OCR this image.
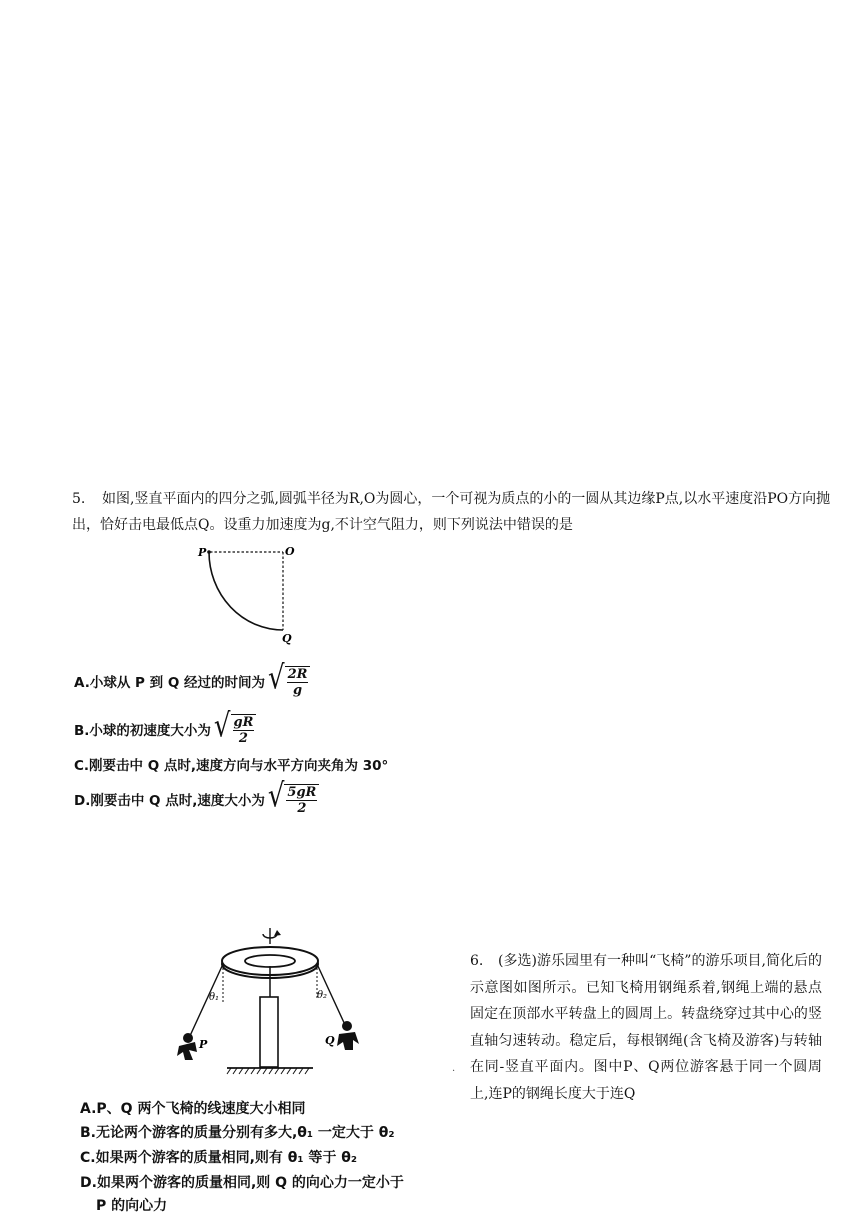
5. 如图,竖直平面内的四分之弧,圆弧半径为R,O为圆心，一个可视为质点的小的一圆从其边缘P点,以水平速度沿PO方向抛出，恰好击电最低点Q。设重力加速度为g,不计空气阻力，则下列说法中错误的是
P	O
Q
A.小球从 P 到 Q 经过的时间为 √ $\frac{2R}{g}$
B.小球的初速度大小为 √ $\frac{gR}{2}$
C.刚要击中 Q 点时,速度方向与水平方向夹角为 30°
D.刚要击中 Q 点时,速度大小为 √ $\frac{5gR}{2}$
θ₁	θ₂
P	Q
·
6. (多选)游乐园里有一种叫“飞椅”的游乐项目,简化后的示意图如图所示。已知飞椅用钢绳系着,钢绳上端的悬点固定在顶部水平转盘上的圆周上。转盘绕穿过其中心的竖直轴匀速转动。稳定后，每根钢绳(含飞椅及游客)与转轴在同-竖直平面内。图中P、Q两位游客悬于同一个圆周上,连P的钢绳长度大于连Q
A.P、Q 两个飞椅的线速度大小相同
B.无论两个游客的质量分别有多大,θ₁ 一定大于 θ₂
C.如果两个游客的质量相同,则有 θ₁ 等于 θ₂
D.如果两个游客的质量相同,则 Q 的向心力一定小于
P 的向心力
